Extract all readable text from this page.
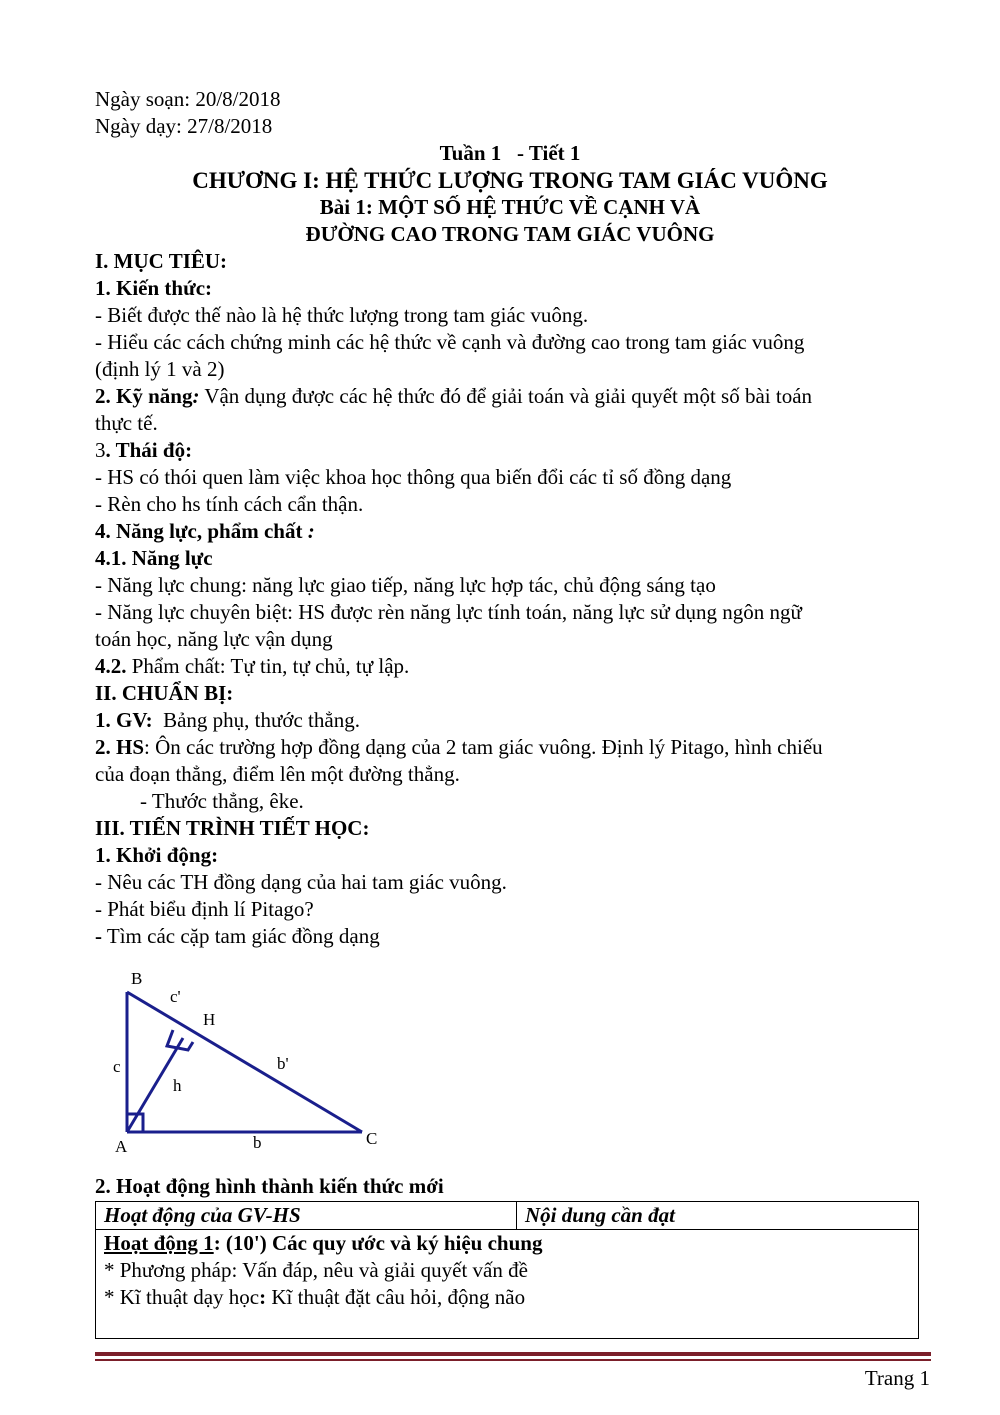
Ngày soạn: 20/8/2018
Ngày dạy: 27/8/2018
Tuần 1   - Tiết 1
CHƯƠNG I: HỆ THỨC LƯỢNG TRONG TAM GIÁC VUÔNG
Bài 1: MỘT SỐ HỆ THỨC VỀ CẠNH VÀ
ĐƯỜNG CAO TRONG TAM GIÁC VUÔNG
I. MỤC TIÊU:
1. Kiến thức:
- Biết được thế nào là hệ thức lượng trong tam giác vuông.
- Hiểu các cách chứng minh các hệ thức về cạnh và đường cao trong tam giác vuông
(định lý 1 và 2)
2. Kỹ năng: Vận dụng được các hệ thức đó để giải toán và giải quyết một số bài toán
thực tế.
3. Thái độ:
- HS có thói quen làm việc khoa học thông qua biến đổi các tỉ số đồng dạng
- Rèn cho hs tính cách cẩn thận.
4. Năng lực, phẩm chất :
4.1. Năng lực
- Năng lực chung: năng lực giao tiếp, năng lực hợp tác, chủ động sáng tạo
- Năng lực chuyên biệt: HS được rèn năng lực tính toán, năng lực sử dụng ngôn ngữ
toán học, năng lực vận dụng
4.2. Phẩm chất: Tự tin, tự chủ, tự lập.
II. CHUẨN BỊ:
1. GV:  Bảng phụ, thước thẳng.
2. HS: Ôn các trường hợp đồng dạng của 2 tam giác vuông. Định lý Pitago, hình chiếu
của đoạn thẳng, điểm lên một đường thẳng.
- Thước thẳng, êke.
III. TIẾN TRÌNH TIẾT HỌC:
1. Khởi động:
- Nêu các TH đồng dạng của hai tam giác vuông.
- Phát biểu định lí Pitago?
- Tìm các cặp tam giác đồng dạng
B
c'
H
c	b'
h
A	b	C
2. Hoạt động hình thành kiến thức mới
Hoạt động của GV-HS	Nội dung cần đạt

Hoạt động 1: (10') Các quy ước và ký hiệu chung
* Phương pháp: Vấn đáp, nêu và giải quyết vấn đề
* Kĩ thuật dạy học: Kĩ thuật đặt câu hỏi, động não
Trang 1
